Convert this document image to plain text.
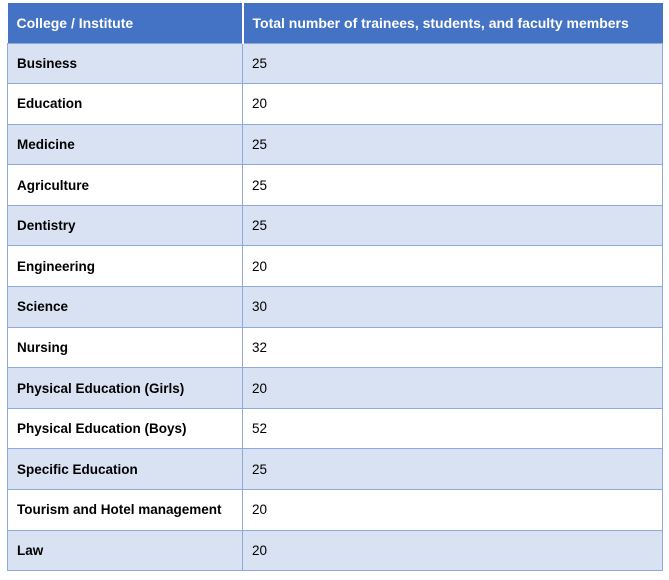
College / Institute	Total number of trainees, students, and faculty members
Business	25
Education	20
Medicine	25
Agriculture	25
Dentistry	25
Engineering	20
Science	30
Nursing	32
Physical Education (Girls)	20
Physical Education (Boys)	52
Specific Education	25
Tourism and Hotel management	20
Law	20
